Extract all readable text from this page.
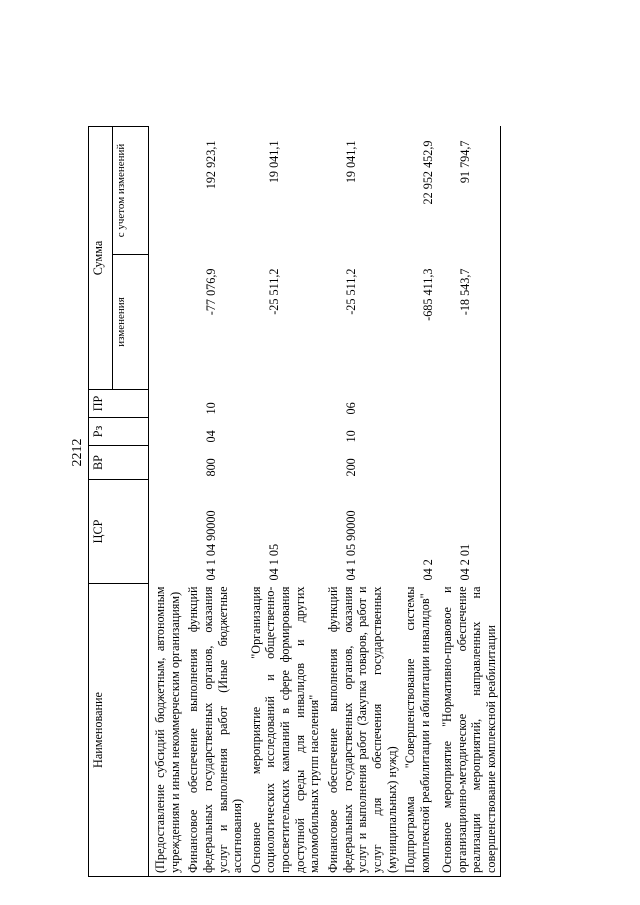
2212
Наименование	ЦСР	ВР	Рз	ПР	Сумма	
					изменения	с учетом изменений
(Предоставление субсидий бюджетным, автономным учреждениям и иным некоммерческим организациям)						
Финансовое обеспечение выполнения функций федеральных государственных органов, оказания услуг и выполнения работ (Иные бюджетные ассигнования)	04 1 04 90000	800	04	10	-77 076,9	192 923,1
Основное мероприятие "Организация социологических исследований и общественно-просветительских кампаний в сфере формирования доступной среды для инвалидов и других маломобильных групп населения"	04 1 05				-25 511,2	19 041,1
Финансовое обеспечение выполнения функций федеральных государственных органов, оказания услуг и выполнения работ (Закупка товаров, работ и услуг для обеспечения государственных (муниципальных) нужд)	04 1 05 90000	200	10	06	-25 511,2	19 041,1
Подпрограмма "Совершенствование системы комплексной реабилитации и абилитации инвалидов"	04 2				-685 411,3	22 952 452,9
Основное мероприятие "Нормативно-правовое и организационно-методическое обеспечение реализации мероприятий, направленных на совершенствование комплексной реабилитации	04 2 01				-18 543,7	91 794,7
